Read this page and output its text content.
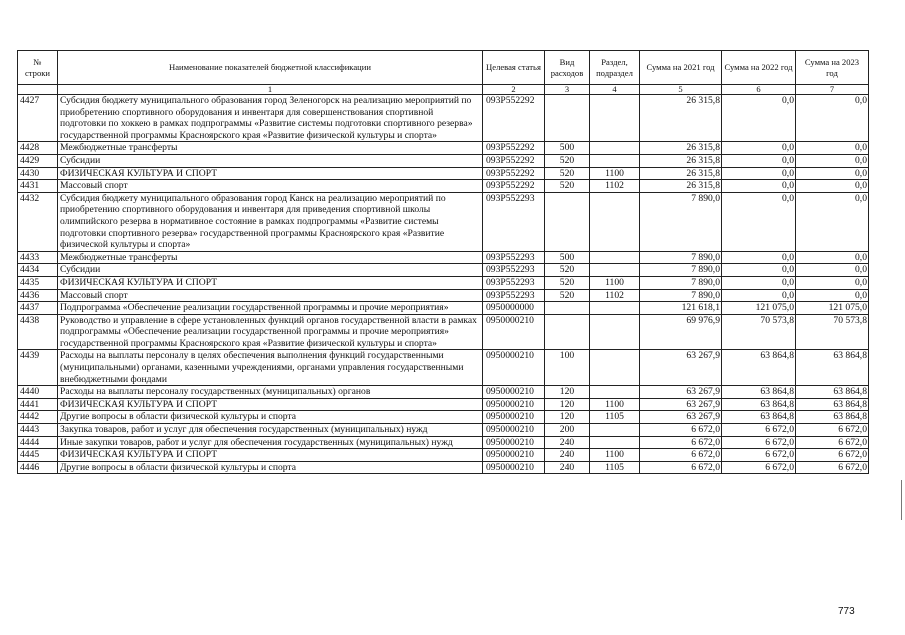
№ строки	Наименование показателей бюджетной классификации	Целевая статья	Вид расходов	Раздел, подраздел	Сумма на 2021 год	Сумма на 2022 год	Сумма на 2023 год
	1	2	3	4	5	6	7
4427	Субсидия бюджету муниципального образования город Зеленогорск на реализацию мероприятий по приобретению спортивного оборудования и инвентаря для совершенствования спортивной подготовки по хоккею в рамках подпрограммы «Развитие системы подготовки спортивного резерва» государственной программы Красноярского края «Развитие физической культуры и спорта»	093Р552292			26 315,8	0,0	0,0
4428	Межбюджетные трансферты	093Р552292	500		26 315,8	0,0	0,0
4429	Субсидии	093Р552292	520		26 315,8	0,0	0,0
4430	ФИЗИЧЕСКАЯ КУЛЬТУРА И СПОРТ	093Р552292	520	1100	26 315,8	0,0	0,0
4431	Массовый спорт	093Р552292	520	1102	26 315,8	0,0	0,0
4432	Субсидия бюджету муниципального образования город Канск на реализацию мероприятий по приобретению спортивного оборудования и инвентаря для приведения спортивной школы олимпийского резерва в нормативное состояние в рамках подпрограммы «Развитие системы подготовки спортивного резерва» государственной программы Красноярского края «Развитие физической культуры и спорта»	093Р552293			7 890,0	0,0	0,0
4433	Межбюджетные трансферты	093Р552293	500		7 890,0	0,0	0,0
4434	Субсидии	093Р552293	520		7 890,0	0,0	0,0
4435	ФИЗИЧЕСКАЯ КУЛЬТУРА И СПОРТ	093Р552293	520	1100	7 890,0	0,0	0,0
4436	Массовый спорт	093Р552293	520	1102	7 890,0	0,0	0,0
4437	Подпрограмма «Обеспечение реализации государственной программы и прочие мероприятия»	0950000000			121 618,1	121 075,0	121 075,0
4438	Руководство и управление в сфере установленных функций органов государственной власти в рамках подпрограммы «Обеспечение реализации государственной программы и прочие мероприятия» государственной программы Красноярского края «Развитие физической культуры и спорта»	0950000210			69 976,9	70 573,8	70 573,8
4439	Расходы на выплаты персоналу в целях обеспечения выполнения функций государственными (муниципальными) органами, казенными учреждениями, органами управления государственными внебюджетными фондами	0950000210	100		63 267,9	63 864,8	63 864,8
4440	Расходы на выплаты персоналу государственных (муниципальных) органов	0950000210	120		63 267,9	63 864,8	63 864,8
4441	ФИЗИЧЕСКАЯ КУЛЬТУРА И СПОРТ	0950000210	120	1100	63 267,9	63 864,8	63 864,8
4442	Другие вопросы в области физической культуры и спорта	0950000210	120	1105	63 267,9	63 864,8	63 864,8
4443	Закупка товаров, работ и услуг для обеспечения государственных (муниципальных) нужд	0950000210	200		6 672,0	6 672,0	6 672,0
4444	Иные закупки товаров, работ и услуг для обеспечения государственных (муниципальных) нужд	0950000210	240		6 672,0	6 672,0	6 672,0
4445	ФИЗИЧЕСКАЯ КУЛЬТУРА И СПОРТ	0950000210	240	1100	6 672,0	6 672,0	6 672,0
4446	Другие вопросы в области физической культуры и спорта	0950000210	240	1105	6 672,0	6 672,0	6 672,0
773
